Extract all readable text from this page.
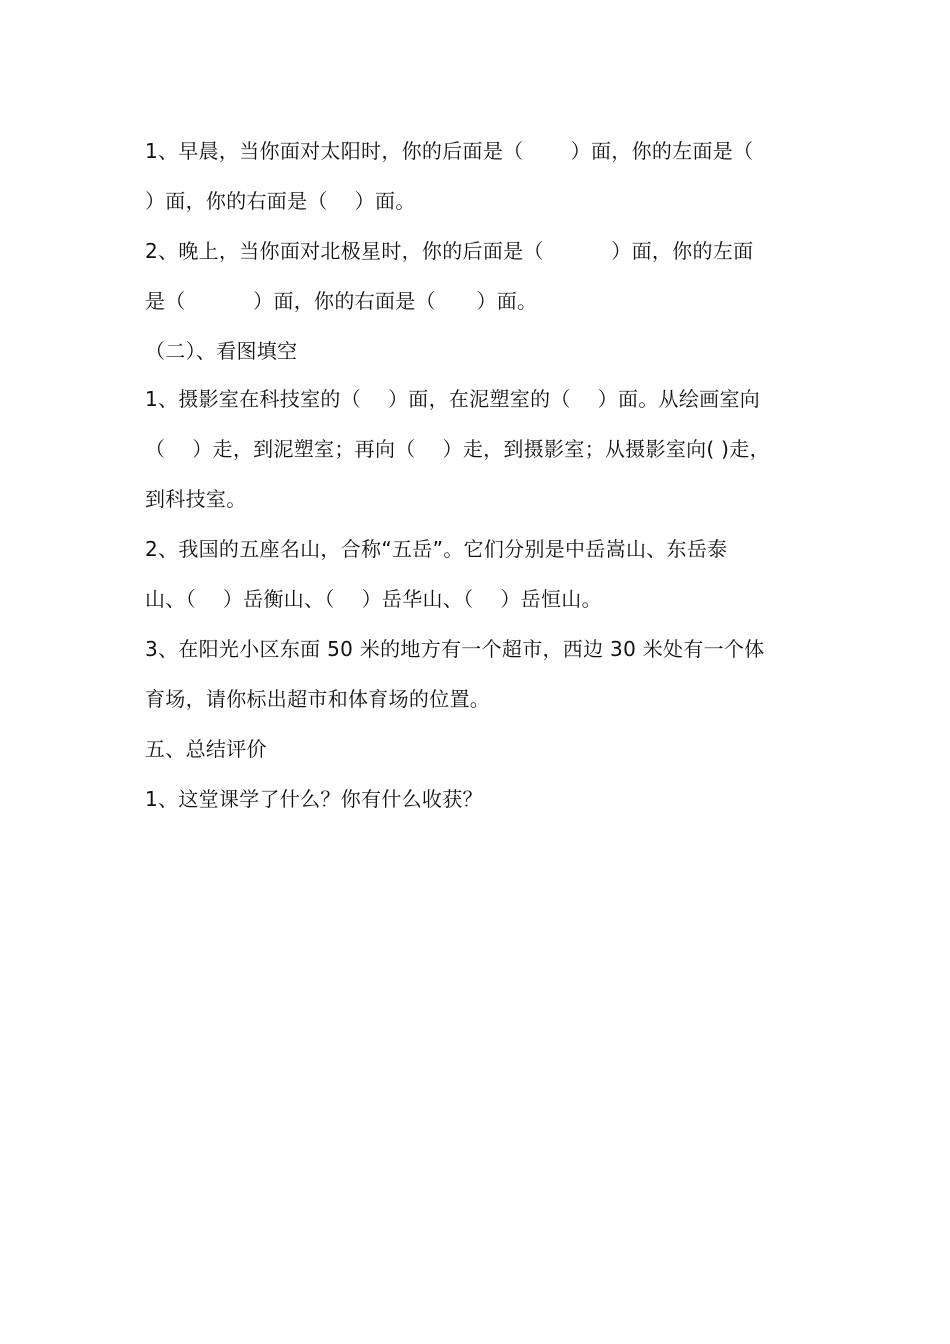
1、早晨，当你面对太阳时，你的后面是（　　 ）面，你的左面是（
）面，你的右面是（　 ）面。
2、晚上，当你面对北极星时，你的后面是（　　　 ）面，你的左面
是（　　　 ）面，你的右面是（　　）面。
（二）、看图填空
1、摄影室在科技室的（　 ）面，在泥塑室的（　 ）面。从绘画室向
（　 ）走，到泥塑室；再向（　 ）走，到摄影室；从摄影室向( )走，
到科技室。
2、我国的五座名山，合称“五岳”。它们分别是中岳嵩山、东岳泰
山、（　 ）岳衡山、（　 ）岳华山、（　 ）岳恒山。
3、在阳光小区东面 50 米的地方有一个超市，西边 30 米处有一个体
育场，请你标出超市和体育场的位置。
五、总结评价
1、这堂课学了什么？你有什么收获？
